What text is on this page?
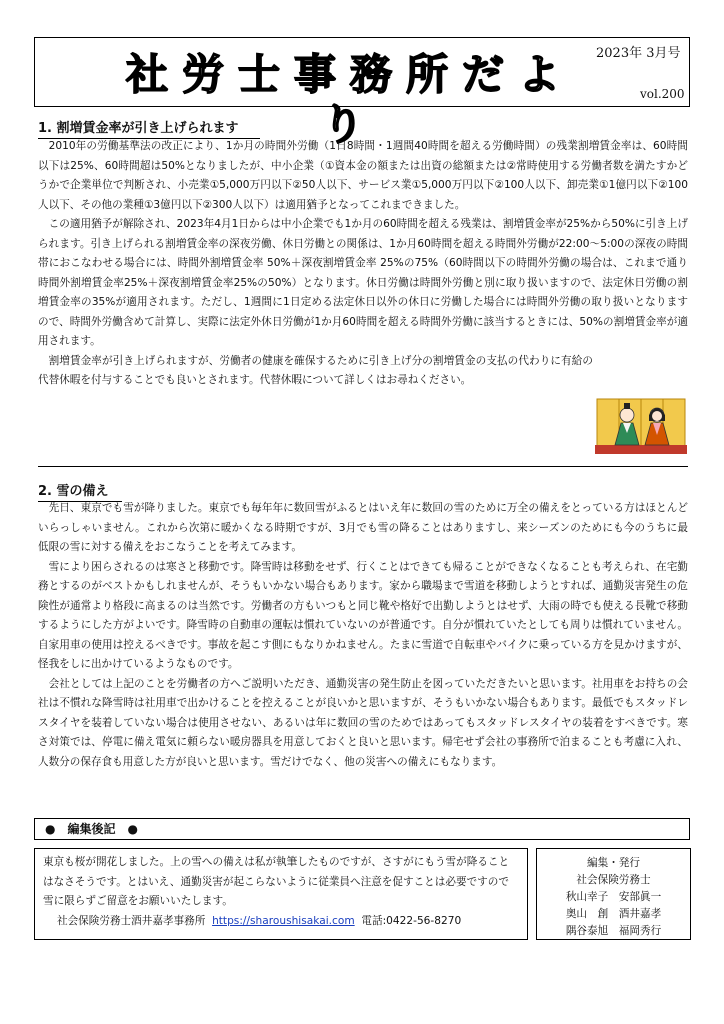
社労士事務所だより
2023年 3月号
vol.200
1. 割増賃金率が引き上げられます

2010年の労働基準法の改正により、1か月の時間外労働（1日8時間・1週間40時間を超える労働時間）の残業割増賃金率は、60時間以下は25%、60時間超は50%となりましたが、中小企業（①資本金の額または出資の総額または②常時使用する労働者数を満たすかどうかで企業単位で判断され、小売業①5,000万円以下②50人以下、サービス業①5,000万円以下②100人以下、卸売業①1億円以下②100人以下、その他の業種①3億円以下②300人以下）は適用猶予となってこれまできました。

この適用猶予が解除され、2023年4月1日からは中小企業でも1か月の60時間を超える残業は、割増賃金率が25%から50%に引き上げられます。引き上げられる割増賃金率の深夜労働、休日労働との関係は、1か月60時間を超える時間外労働が22:00～5:00の深夜の時間帯におこなわせる場合には、時間外割増賃金率 50%＋深夜割増賃金率 25%の75%（60時間以下の時間外労働の場合は、これまで通り時間外割増賃金率25%＋深夜割増賃金率25%の50%）となります。休日労働は時間外労働と別に取り扱いますので、法定休日労働の割増賃金率の35%が適用されます。ただし、1週間に1日定める法定休日以外の休日に労働した場合には時間外労働の取り扱いとなりますので、時間外労働含めて計算し、実際に法定外休日労働が1か月60時間を超える時間外労働に該当するときには、50%の割増賃金率が適用されます。

割増賃金率が引き上げられますが、労働者の健康を確保するために引き上げ分の割増賃金の支払の代わりに有給の代替休暇を付与することでも良いとされます。代替休暇について詳しくはお尋ねください。

2. 雪の備え

先日、東京でも雪が降りました。東京でも毎年年に数回雪がふるとはいえ年に数回の雪のために万全の備えをとっている方はほとんどいらっしゃいません。これから次第に暖かくなる時期ですが、3月でも雪の降ることはありますし、来シーズンのためにも今のうちに最低限の雪に対する備えをおこなうことを考えてみます。

雪により困らされるのは寒さと移動です。降雪時は移動をせず、行くことはできても帰ることができなくなることも考えられ、在宅勤務とするのがベストかもしれませんが、そうもいかない場合もあります。家から職場まで雪道を移動しようとすれば、通勤災害発生の危険性が通常より格段に高まるのは当然です。労働者の方もいつもと同じ靴や格好で出勤しようとはせず、大雨の時でも使える長靴で移動するようにした方がよいです。降雪時の自動車の運転は慣れていないのが普通です。自分が慣れていたとしても周りは慣れていません。自家用車の使用は控えるべきです。事故を起こす側にもなりかねません。たまに雪道で自転車やバイクに乗っている方を見かけますが、怪我をしに出かけているようなものです。

会社としては上記のことを労働者の方へご説明いただき、通勤災害の発生防止を図っていただきたいと思います。社用車をお持ちの会社は不慣れな降雪時は社用車で出かけることを控えることが良いかと思いますが、そうもいかない場合もあります。最低でもスタッドレスタイヤを装着していない場合は使用させない、あるいは年に数回の雪のためではあってもスタッドレスタイヤの装着をすべきです。寒さ対策では、停電に備え電気に頼らない暖房器具を用意しておくと良いと思います。帰宅せず会社の事務所で泊まることも考慮に入れ、人数分の保存食も用意した方が良いと思います。雪だけでなく、他の災害への備えにもなります。

●　編集後記　●

東京も桜が開花しました。上の雪への備えは私が執筆したものですが、さすがにもう雪が降ることはなさそうです。とはいえ、通勤災害が起こらないように従業員へ注意を促すことは必要ですので雪に限らずご留意をお願いいたします。

社会保険労務士酒井嘉孝事務所 https://sharoushisakai.com 電話:0422-56-8270
編集・発行
社会保険労務士
秋山幸子　安部眞一
奥山　創　酒井嘉孝
隅谷泰旭　福岡秀行
